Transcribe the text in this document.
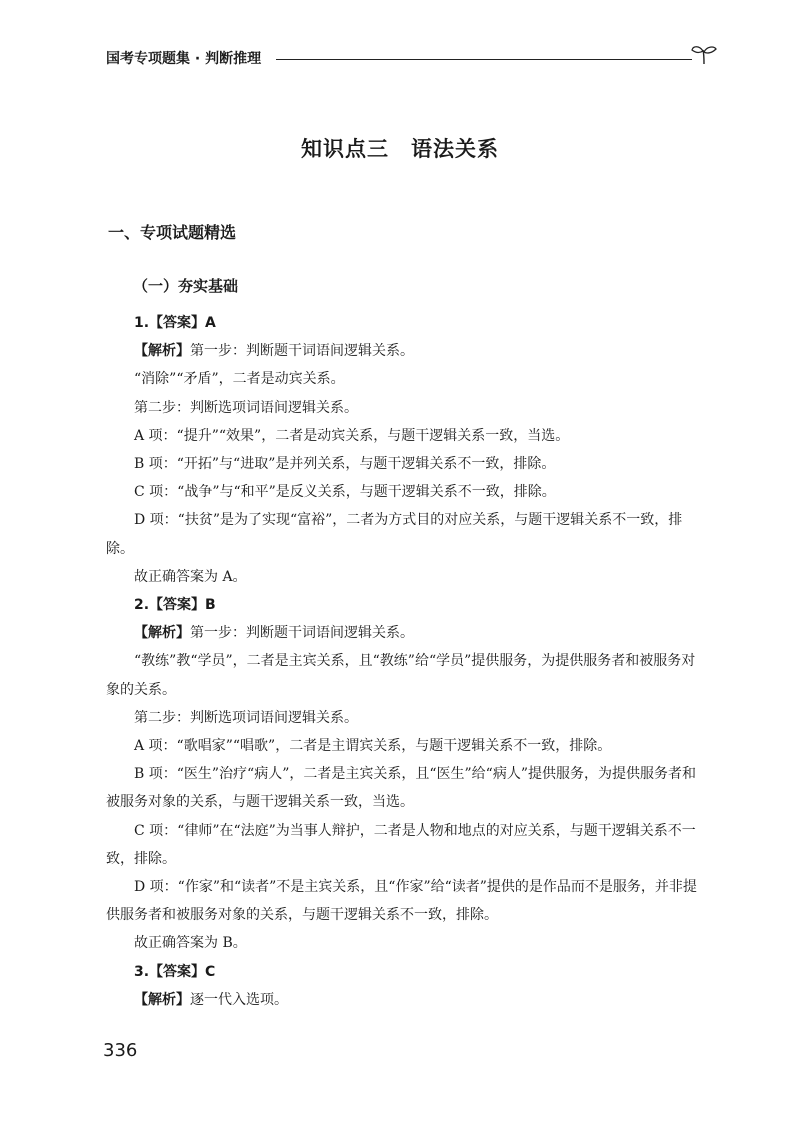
国考专项题集 · 判断推理
知识点三　语法关系
一、专项试题精选
（一）夯实基础

1.【答案】A

【解析】第一步：判断题干词语间逻辑关系。

“消除”“矛盾”，二者是动宾关系。

第二步：判断选项词语间逻辑关系。

A 项：“提升”“效果”，二者是动宾关系，与题干逻辑关系一致，当选。

B 项：“开拓”与“进取”是并列关系，与题干逻辑关系不一致，排除。

C 项：“战争”与“和平”是反义关系，与题干逻辑关系不一致，排除。

D 项：“扶贫”是为了实现“富裕”，二者为方式目的对应关系，与题干逻辑关系不一致，排除。

故正确答案为 A。

2.【答案】B

【解析】第一步：判断题干词语间逻辑关系。

“教练”教“学员”，二者是主宾关系，且“教练”给“学员”提供服务，为提供服务者和被服务对象的关系。

第二步：判断选项词语间逻辑关系。

A 项：“歌唱家”“唱歌”，二者是主谓宾关系，与题干逻辑关系不一致，排除。

B 项：“医生”治疗“病人”，二者是主宾关系，且“医生”给“病人”提供服务，为提供服务者和被服务对象的关系，与题干逻辑关系一致，当选。

C 项：“律师”在“法庭”为当事人辩护，二者是人物和地点的对应关系，与题干逻辑关系不一致，排除。

D 项：“作家”和“读者”不是主宾关系，且“作家”给“读者”提供的是作品而不是服务，并非提供服务者和被服务对象的关系，与题干逻辑关系不一致，排除。

故正确答案为 B。

3.【答案】C

【解析】逐一代入选项。

336
